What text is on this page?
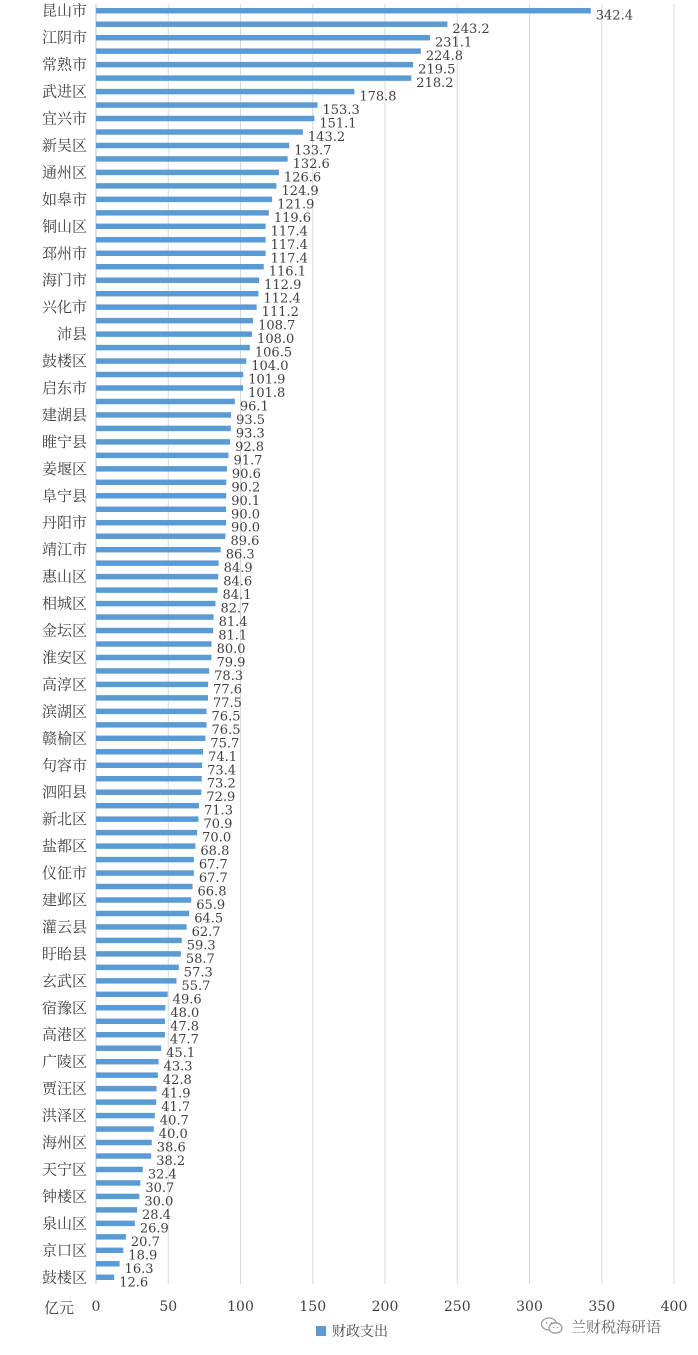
342.4
243.2
231.1
224.8
219.5
218.2
178.8
153.3
151.1
143.2
133.7
132.6
126.6
124.9
121.9
119.6
117.4
117.4
117.4
116.1
112.9
112.4
111.2
108.7
108.0
106.5
104.0
101.9
101.8
96.1
93.5
93.3
92.8
91.7
90.6
90.2
90.1
90.0
90.0
89.6
86.3
84.9
84.6
84.1
82.7
81.4
81.1
80.0
79.9
78.3
77.6
77.5
76.5
76.5
75.7
74.1
73.4
73.2
72.9
71.3
70.9
70.0
68.8
67.7
67.7
66.8
65.9
64.5
62.7
59.3
58.7
57.3
55.7
49.6
48.0
47.8
47.7
45.1
43.3
42.8
41.9
41.7
40.7
40.0
38.6
38.2
32.4
30.7
30.0
28.4
26.9
20.7
18.9
16.3
12.6
昆山市
江阴市
常熟市
武进区
宜兴市
新吴区
通州区
如皋市
铜山区
邳州市
海门市
兴化市
沛县
鼓楼区
启东市
建湖县
睢宁县
姜堰区
阜宁县
丹阳市
靖江市
惠山区
相城区
金坛区
淮安区
高淳区
滨湖区
赣榆区
句容市
泗阳县
新北区
盐都区
仪征市
建邺区
灌云县
盱眙县
玄武区
宿豫区
高港区
广陵区
贾汪区
洪泽区
海州区
天宁区
钟楼区
泉山区
京口区
鼓楼区
0	50	100	150	200	250	300	350	400
亿元
财政支出	兰财税海研语
